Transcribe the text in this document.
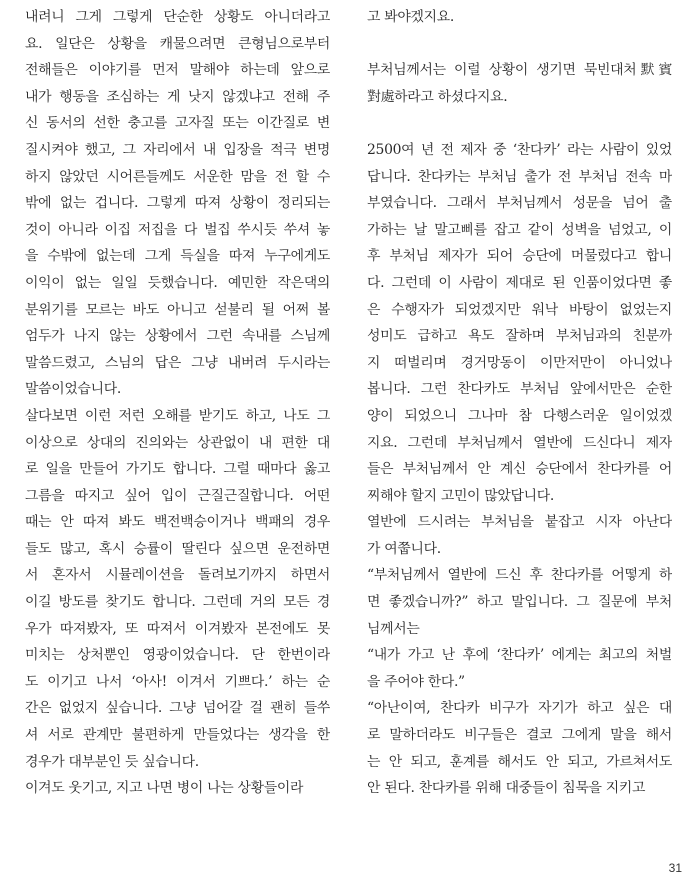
내려니 그게 그렇게 단순한 상황도 아니더라고
요. 일단은 상황을 캐물으려면 큰형님으로부터
전해들은 이야기를 먼저 말해야 하는데 앞으로
내가 행동을 조심하는 게 낫지 않겠냐고 전해 주
신 동서의 선한 충고를 고자질 또는 이간질로 변
질시켜야 했고, 그 자리에서 내 입장을 적극 변명
하지 않았던 시어른들께도 서운한 맘을 전 할 수
밖에 없는 겁니다. 그렇게 따져 상황이 정리되는
것이 아니라 이집 저집을 다 벌집 쑤시듯 쑤셔 놓
을 수밖에 없는데 그게 득실을 따져 누구에게도
이익이 없는 일일 듯했습니다. 예민한 작은댁의
분위기를 모르는 바도 아니고 섣불리 될 어쩌 볼
엄두가 나지 않는 상황에서 그런 속내를 스님께
말씀드렸고, 스님의 답은 그냥 내버려 두시라는
말씀이었습니다.
살다보면 이런 저런 오해를 받기도 하고, 나도 그
이상으로 상대의 진의와는 상관없이 내 편한 대
로 일을 만들어 가기도 합니다. 그럴 때마다 옳고
그름을 따지고 싶어 입이 근질근질합니다. 어떤
때는 안 따져 봐도 백전백승이거나 백패의 경우
들도 많고, 혹시 승률이 딸린다 싶으면 운전하면
서 혼자서 시뮬레이션을 돌려보기까지 하면서
이길 방도를 찾기도 합니다. 그런데 거의 모든 경
우가 따져봤자, 또 따져서 이겨봤자 본전에도 못
미치는 상처뿐인 영광이었습니다. 단 한번이라
도 이기고 나서 ‘아사! 이겨서 기쁘다.’ 하는 순
간은 없었지 싶습니다. 그냥 넘어갈 걸 괜히 들쑤
셔 서로 관계만 불편하게 만들었다는 생각을 한
경우가 대부분인 듯 싶습니다.
이겨도 웃기고, 지고 나면 병이 나는 상황들이라
고 봐야겠지요.
부처님께서는 이럴 상황이 생기면 묵빈대처默賓
對處하라고 하셨다지요.
2500여 년 전 제자 중 ‘찬다카’ 라는 사람이 있었
답니다. 찬다카는 부처님 출가 전 부처님 전속 마
부였습니다. 그래서 부처님께서 성문을 넘어 출
가하는 날 말고삐를 잡고 같이 성벽을 넘었고, 이
후 부처님 제자가 되어 승단에 머물렀다고 합니
다. 그런데 이 사람이 제대로 된 인품이었다면 좋
은 수행자가 되었겠지만 워낙 바탕이 없었는지
성미도 급하고 욕도 잘하며 부처님과의 친분까
지 떠벌리며 경거망동이 이만저만이 아니었나
봅니다. 그런 찬다카도 부처님 앞에서만은 순한
양이 되었으니 그나마 참 다행스러운 일이었겠
지요. 그런데 부처님께서 열반에 드신다니 제자
들은 부처님께서 안 계신 승단에서 찬다카를 어
찌해야 할지 고민이 많았답니다.
열반에 드시려는 부처님을 붙잡고 시자 아난다
가 여쭙니다.
“부처님께서 열반에 드신 후 찬다카를 어떻게 하
면 좋겠습니까?” 하고 말입니다. 그 질문에 부처
님께서는
“내가 가고 난 후에 ‘찬다카’ 에게는 최고의 처벌
을 주어야 한다.”
“아난이여, 찬다카 비구가 자기가 하고 싶은 대
로 말하더라도 비구들은 결코 그에게 말을 해서
는 안 되고, 훈계를 해서도 안 되고, 가르쳐서도
안 된다. 찬다카를 위해 대중들이 침묵을 지키고
31
